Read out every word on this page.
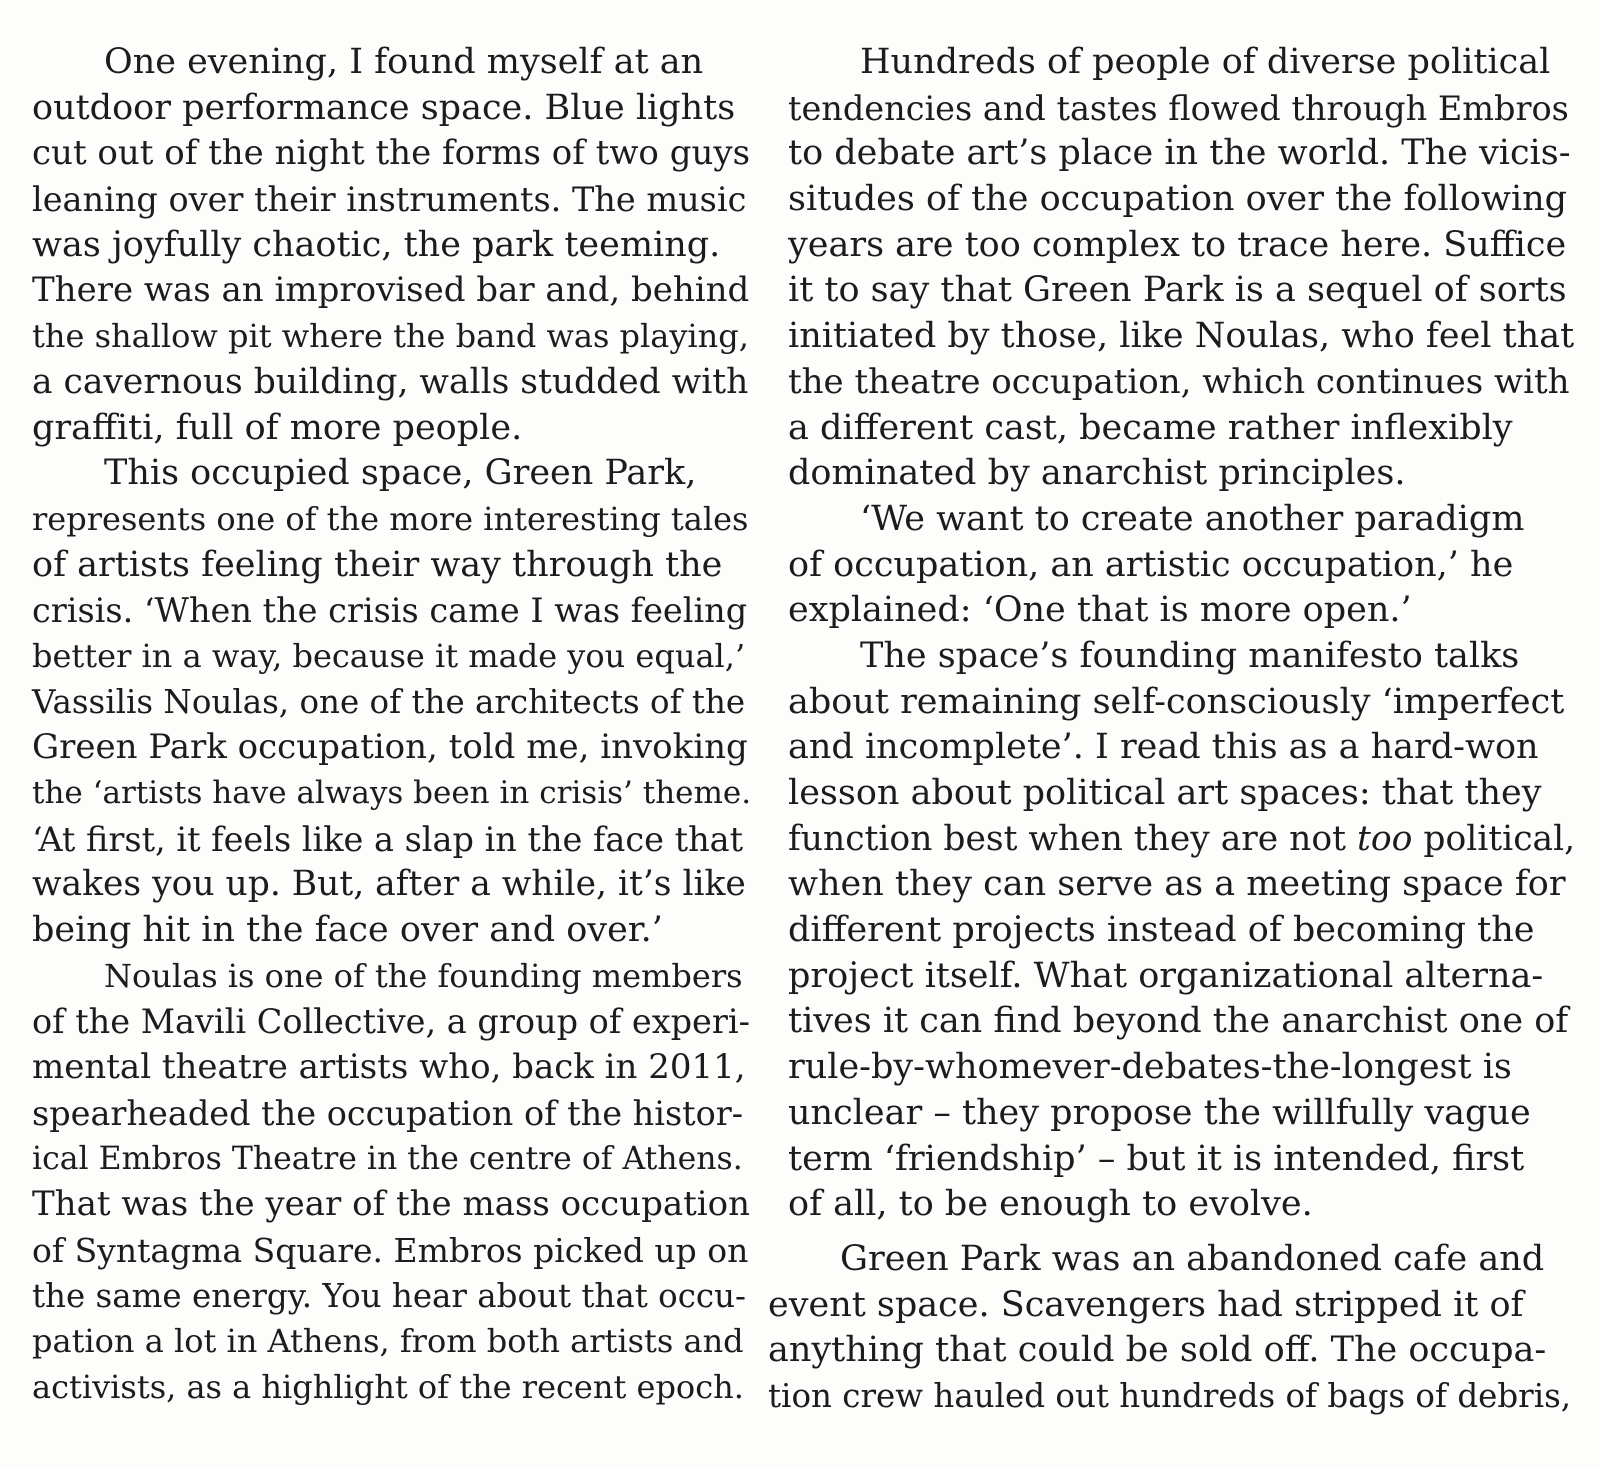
One evening, I found myself at an
outdoor performance space. Blue lights
cut out of the night the forms of two guys
leaning over their instruments. The music
was joyfully chaotic, the park teeming.
There was an improvised bar and, behind
the shallow pit where the band was playing,
a cavernous building, walls studded with
graffiti, full of more people.
This occupied space, Green Park,
represents one of the more interesting tales
of artists feeling their way through the
crisis. ‘When the crisis came I was feeling
better in a way, because it made you equal,’
Vassilis Noulas, one of the architects of the
Green Park occupation, told me, invoking
the ‘artists have always been in crisis’ theme.
‘At first, it feels like a slap in the face that
wakes you up. But, after a while, it’s like
being hit in the face over and over.’
Noulas is one of the founding members
of the Mavili Collective, a group of experi-
mental theatre artists who, back in 2011,
spearheaded the occupation of the histor-
ical Embros Theatre in the centre of Athens.
That was the year of the mass occupation
of Syntagma Square. Embros picked up on
the same energy. You hear about that occu-
pation a lot in Athens, from both artists and
activists, as a highlight of the recent epoch.
Hundreds of people of diverse political
tendencies and tastes flowed through Embros
to debate art’s place in the world. The vicis-
situdes of the occupation over the following
years are too complex to trace here. Suffice
it to say that Green Park is a sequel of sorts
initiated by those, like Noulas, who feel that
the theatre occupation, which continues with
a different cast, became rather inflexibly
dominated by anarchist principles.
‘We want to create another paradigm
of occupation, an artistic occupation,’ he
explained: ‘One that is more open.’
The space’s founding manifesto talks
about remaining self-consciously ‘imperfect
and incomplete’. I read this as a hard-won
lesson about political art spaces: that they
function best when they are not too political,
when they can serve as a meeting space for
different projects instead of becoming the
project itself. What organizational alterna-
tives it can find beyond the anarchist one of
rule-by-whomever-debates-the-longest is
unclear – they propose the willfully vague
term ‘friendship’ – but it is intended, first
of all, to be enough to evolve.
Green Park was an abandoned cafe and
event space. Scavengers had stripped it of
anything that could be sold off. The occupa-
tion crew hauled out hundreds of bags of debris,
